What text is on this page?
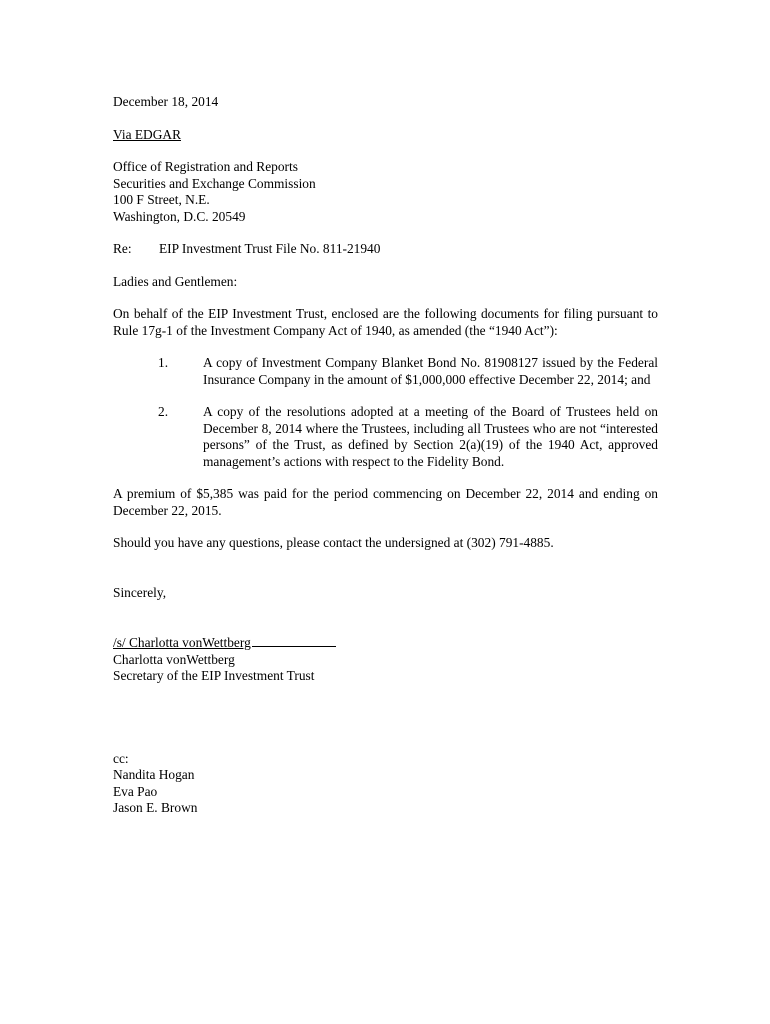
December 18, 2014
Via EDGAR
Office of Registration and Reports
Securities and Exchange Commission
100 F Street, N.E.
Washington, D.C. 20549
Re:	EIP Investment Trust File No. 811-21940
Ladies and Gentlemen:
On behalf of the EIP Investment Trust, enclosed are the following documents for filing pursuant to Rule 17g-1 of the Investment Company Act of 1940, as amended (the “1940 Act”):
1.	A copy of Investment Company Blanket Bond No. 81908127 issued by the Federal Insurance Company in the amount of $1,000,000 effective December 22, 2014; and
2.	A copy of the resolutions adopted at a meeting of the Board of Trustees held on December 8, 2014 where the Trustees, including all Trustees who are not “interested persons” of the Trust, as defined by Section 2(a)(19) of the 1940 Act, approved management’s actions with respect to the Fidelity Bond.
A premium of $5,385 was paid for the period commencing on December 22, 2014 and ending on December 22, 2015.
Should you have any questions, please contact the undersigned at (302) 791-4885.
Sincerely,
/s/ Charlotta vonWettberg
Charlotta vonWettberg
Secretary of the EIP Investment Trust
cc:
Nandita Hogan
Eva Pao
Jason E. Brown
